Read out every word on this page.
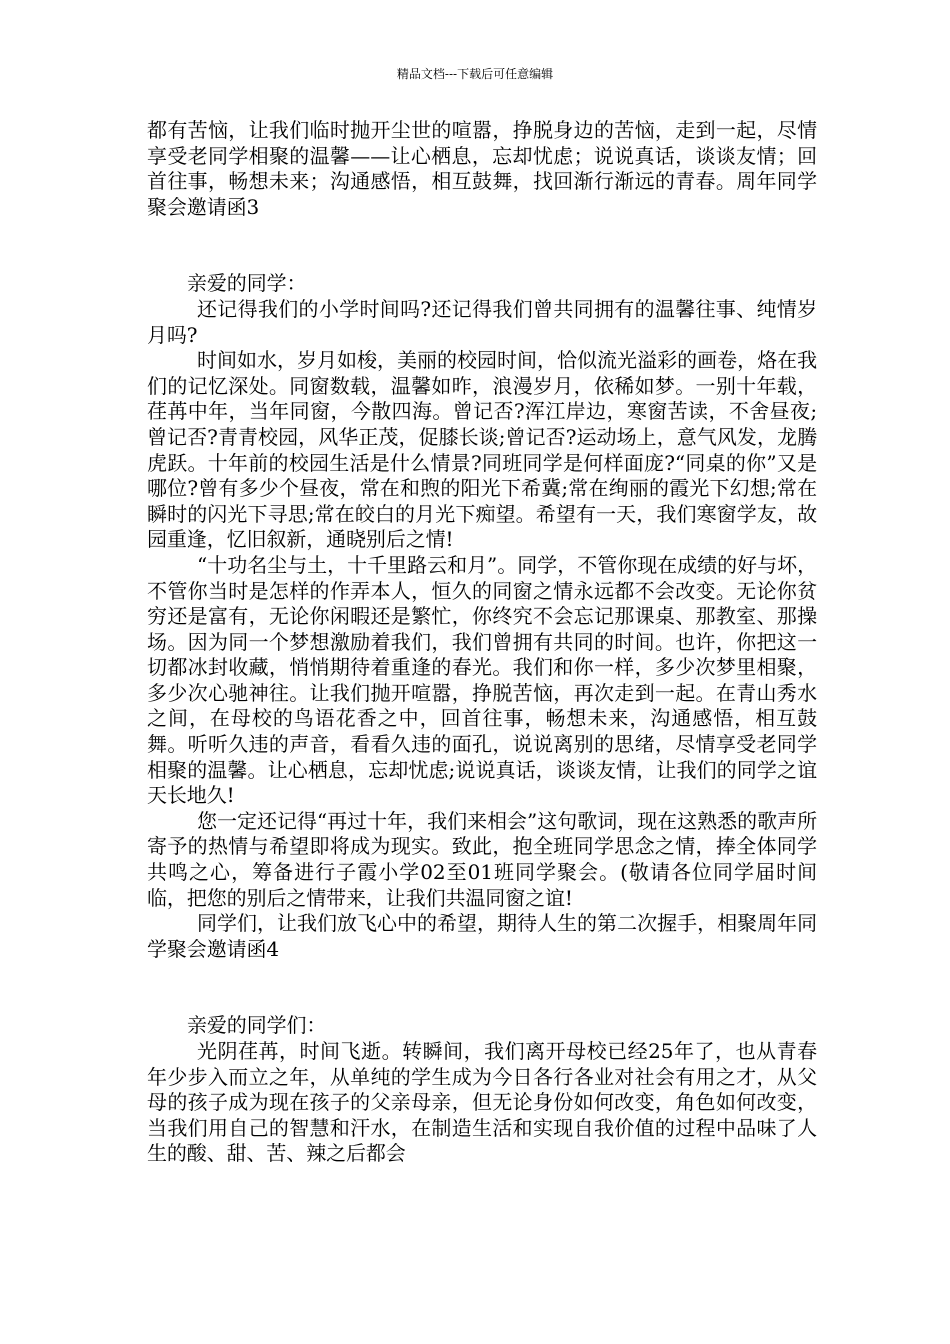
精品文档---下载后可任意编辑

都有苦恼，让我们临时抛开尘世的喧嚣，挣脱身边的苦恼，走到一起，尽情享受老同学相聚的温馨——让心栖息，忘却忧虑；说说真话，谈谈友情；回首往事，畅想未来；沟通感悟，相互鼓舞，找回渐行渐远的青春。周年同学聚会邀请函3

亲爱的同学：

还记得我们的小学时间吗?还记得我们曾共同拥有的温馨往事、纯情岁月吗?

时间如水，岁月如梭，美丽的校园时间，恰似流光溢彩的画卷，烙在我们的记忆深处。同窗数载，温馨如昨，浪漫岁月，依稀如梦。一别十年载，荏苒中年，当年同窗，今散四海。曾记否?浑江岸边，寒窗苦读，不舍昼夜;曾记否?青青校园，风华正茂，促膝长谈;曾记否?运动场上，意气风发，龙腾虎跃。十年前的校园生活是什么情景?同班同学是何样面庞?“同桌的你”又是哪位?曾有多少个昼夜，常在和煦的阳光下希冀;常在绚丽的霞光下幻想;常在瞬时的闪光下寻思;常在皎白的月光下痴望。希望有一天，我们寒窗学友，故园重逢，忆旧叙新，通晓别后之情!

“十功名尘与土，十千里路云和月”。同学，不管你现在成绩的好与坏，不管你当时是怎样的作弄本人，恒久的同窗之情永远都不会改变。无论你贫穷还是富有，无论你闲暇还是繁忙，你终究不会忘记那课桌、那教室、那操场。因为同一个梦想激励着我们，我们曾拥有共同的时间。也许，你把这一切都冰封收藏，悄悄期待着重逢的春光。我们和你一样，多少次梦里相聚，多少次心驰神往。让我们抛开喧嚣，挣脱苦恼，再次走到一起。在青山秀水之间，在母校的鸟语花香之中，回首往事，畅想未来，沟通感悟，相互鼓舞。听听久违的声音，看看久违的面孔，说说离别的思绪，尽情享受老同学相聚的温馨。让心栖息，忘却忧虑;说说真话，谈谈友情，让我们的同学之谊天长地久!

您一定还记得“再过十年，我们来相会”这句歌词，现在这熟悉的歌声所寄予的热情与希望即将成为现实。致此，抱全班同学思念之情，捧全体同学共鸣之心，筹备进行子霞小学02至01班同学聚会。(敬请各位同学届时间临，把您的别后之情带来，让我们共温同窗之谊!

同学们，让我们放飞心中的希望，期待人生的第二次握手，相聚周年同学聚会邀请函4

亲爱的同学们：

光阴荏苒，时间飞逝。转瞬间，我们离开母校已经25年了，也从青春年少步入而立之年，从单纯的学生成为今日各行各业对社会有用之才，从父母的孩子成为现在孩子的父亲母亲，但无论身份如何改变，角色如何改变，当我们用自己的智慧和汗水，在制造生活和实现自我价值的过程中品味了人生的酸、甜、苦、辣之后都会
